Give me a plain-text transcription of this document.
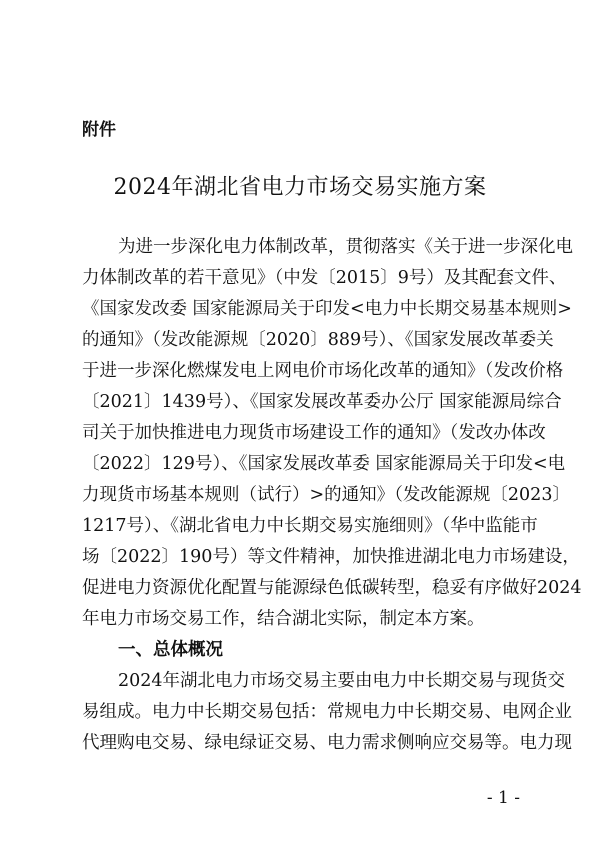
附件
2024年湖北省电力市场交易实施方案
为进一步深化电力体制改革，贯彻落实《关于进一步深化电
力体制改革的若干意见》（中发〔2015〕9号）及其配套文件、
《国家发改委 国家能源局关于印发<电力中长期交易基本规则>
的通知》（发改能源规〔2020〕889号）、《国家发展改革委关
于进一步深化燃煤发电上网电价市场化改革的通知》（发改价格
〔2021〕1439号）、《国家发展改革委办公厅 国家能源局综合
司关于加快推进电力现货市场建设工作的通知》（发改办体改
〔2022〕129号）、《国家发展改革委 国家能源局关于印发<电
力现货市场基本规则（试行）>的通知》（发改能源规〔2023〕
1217号）、《湖北省电力中长期交易实施细则》（华中监能市
场〔2022〕190号）等文件精神，加快推进湖北电力市场建设，
促进电力资源优化配置与能源绿色低碳转型，稳妥有序做好2024
年电力市场交易工作，结合湖北实际，制定本方案。
一、总体概况
2024年湖北电力市场交易主要由电力中长期交易与现货交
易组成。电力中长期交易包括：常规电力中长期交易、电网企业
代理购电交易、绿电绿证交易、电力需求侧响应交易等。电力现
- 1 -
